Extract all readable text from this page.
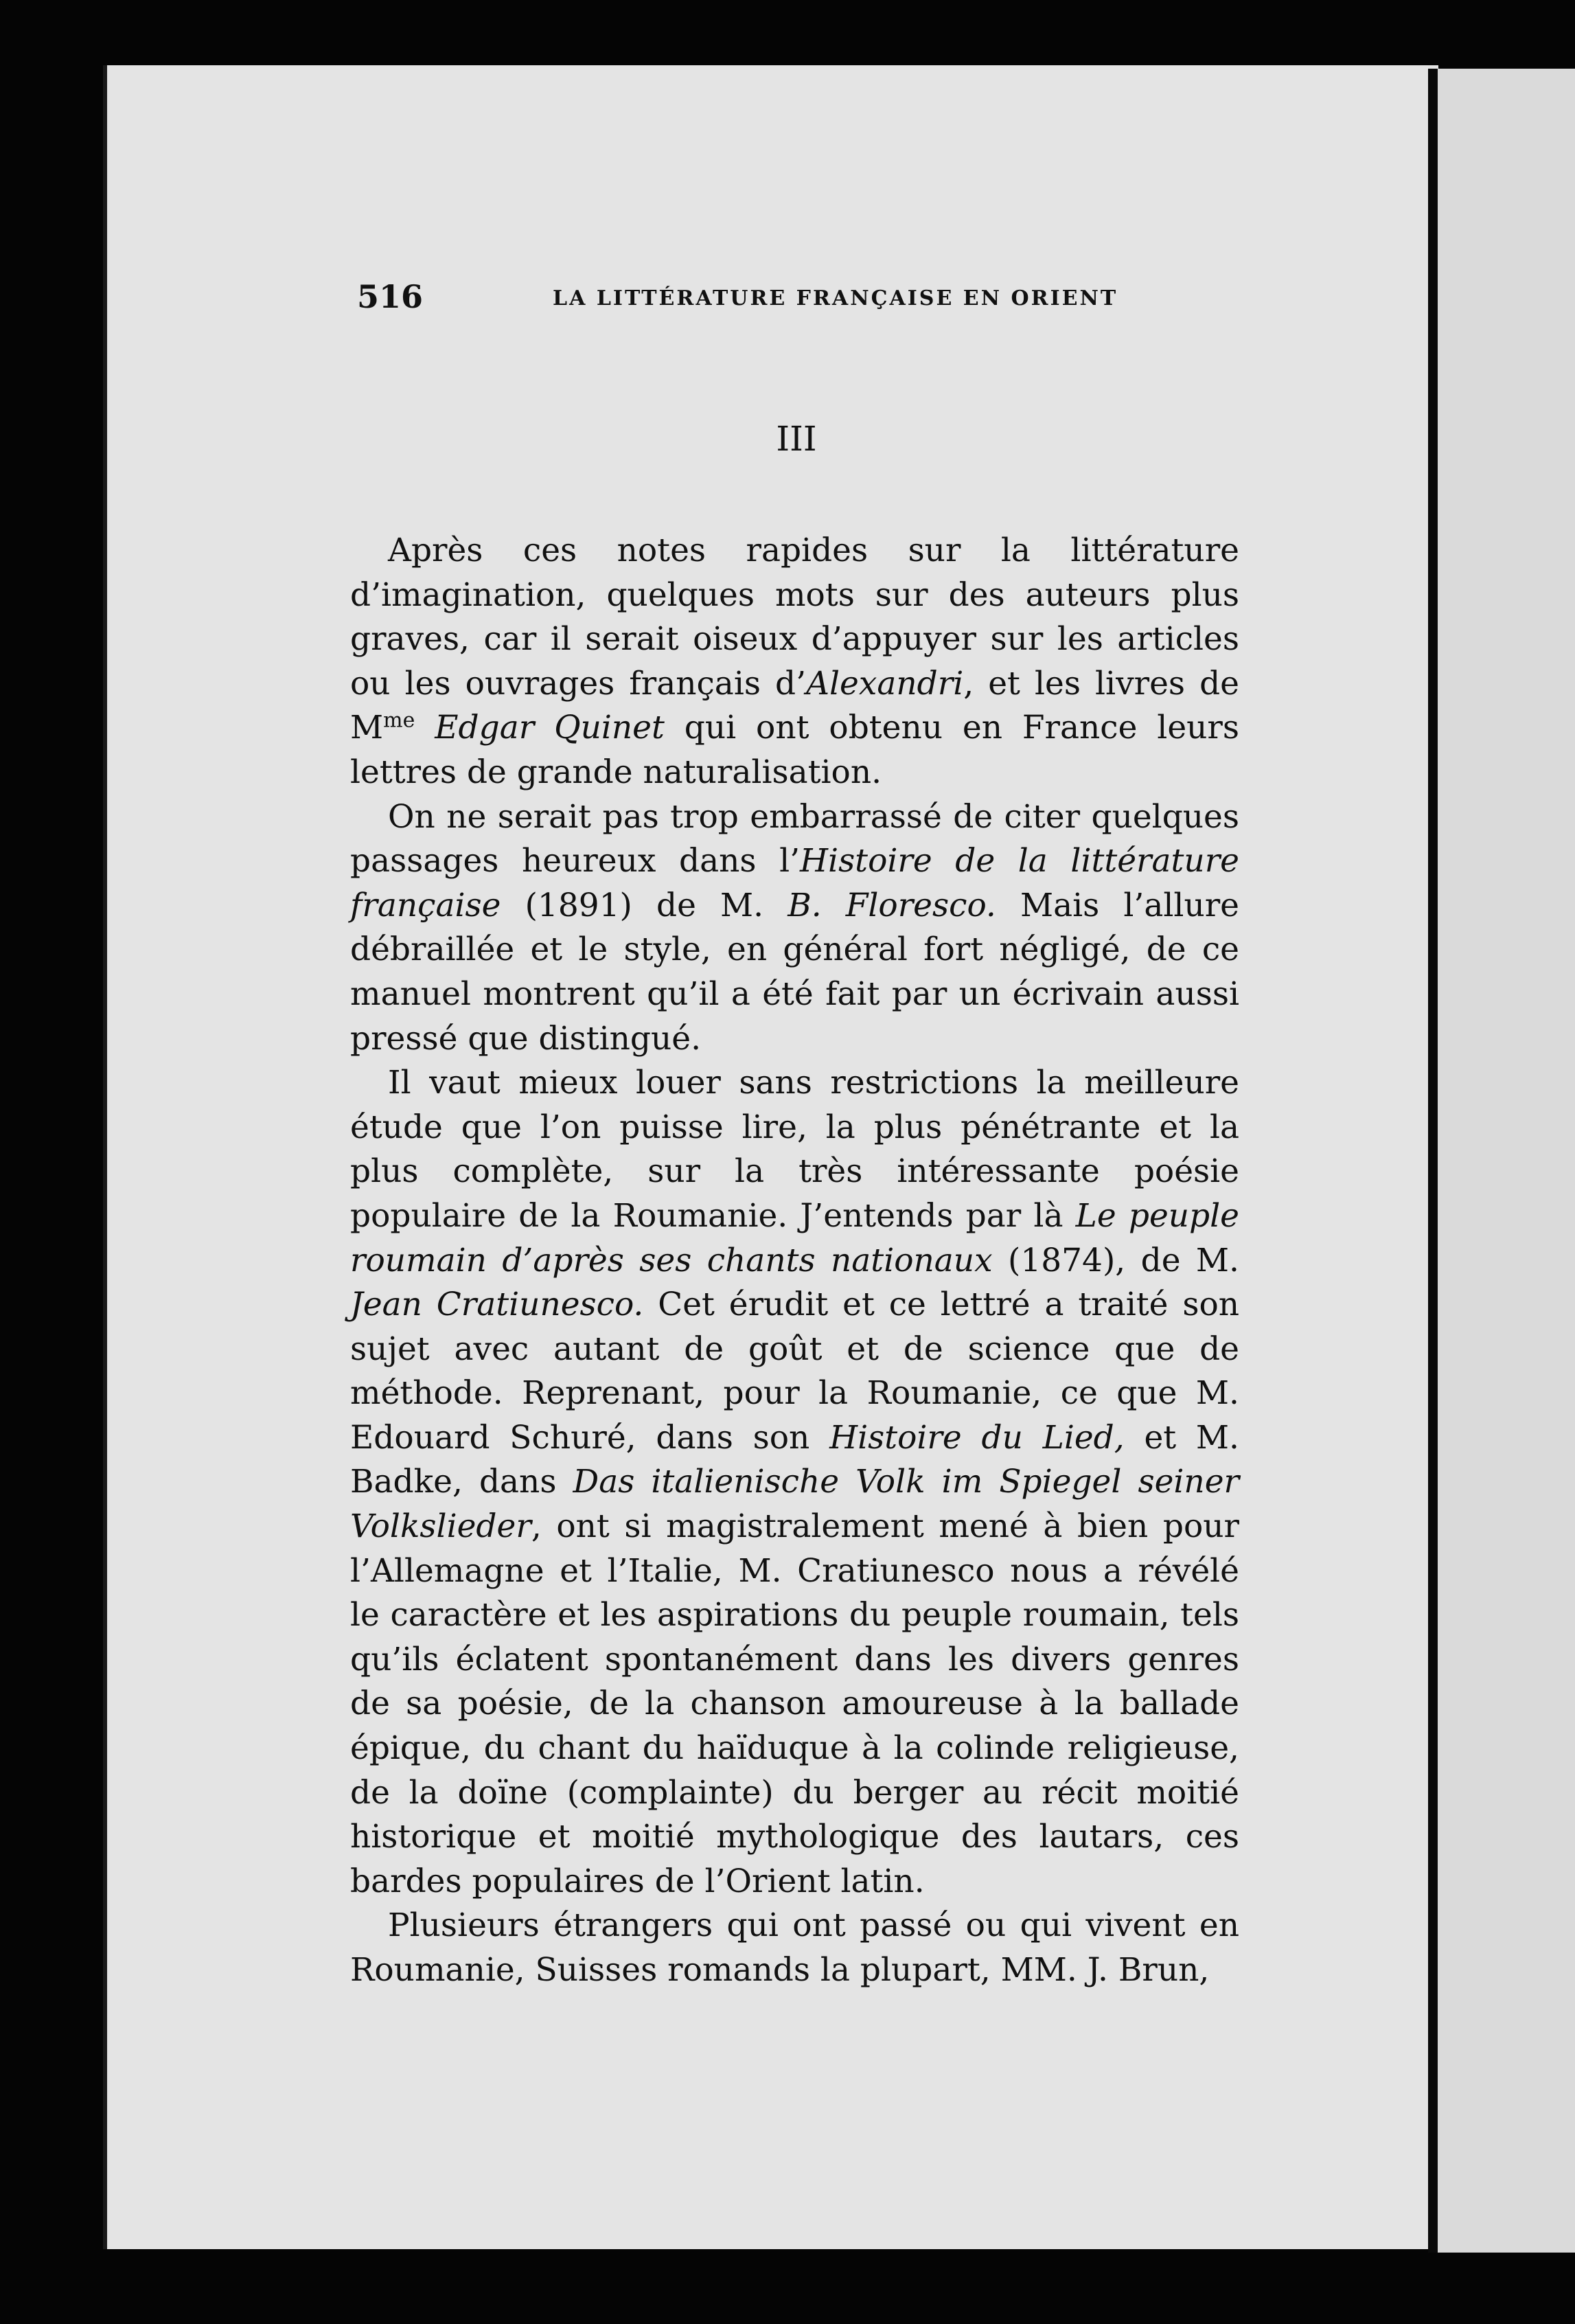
516	LA LITTÉRATURE FRANÇAISE EN ORIENT
III

Après ces notes rapides sur la littérature d’imagination, quelques mots sur des auteurs plus graves, car il serait oiseux d’appuyer sur les articles ou les ouvrages français d’Alexandri, et les livres de $M^{me}$ Edgar Quinet qui ont obtenu en France leurs lettres de grande naturalisation.

On ne serait pas trop embarrassé de citer quelques passages heureux dans l’Histoire de la littérature française (1891) de M. B. Floresco. Mais l’allure débraillée et le style, en général fort négligé, de ce manuel montrent qu’il a été fait par un écrivain aussi pressé que distingué.

Il vaut mieux louer sans restrictions la meilleure étude que l’on puisse lire, la plus pénétrante et la plus complète, sur la très intéressante poésie populaire de la Roumanie. J’entends par là Le peuple roumain d’après ses chants nationaux (1874), de M. Jean Cratiunesco. Cet érudit et ce lettré a traité son sujet avec autant de goût et de science que de méthode. Reprenant, pour la Roumanie, ce que M. Edouard Schuré, dans son Histoire du Lied, et M. Badke, dans Das italienische Volk im Spiegel seiner Volkslieder, ont si magistralement mené à bien pour l’Allemagne et l’Italie, M. Cratiunesco nous a révélé le caractère et les aspirations du peuple roumain, tels qu’ils éclatent spontanément dans les divers genres de sa poésie, de la chanson amoureuse à la ballade épique, du chant du haïduque à la colinde religieuse, de la doïne (complainte) du berger au récit moitié historique et moitié mythologique des lautars, ces bardes populaires de l’Orient latin.

Plusieurs étrangers qui ont passé ou qui vivent en Roumanie, Suisses romands la plupart, MM. J. Brun,
